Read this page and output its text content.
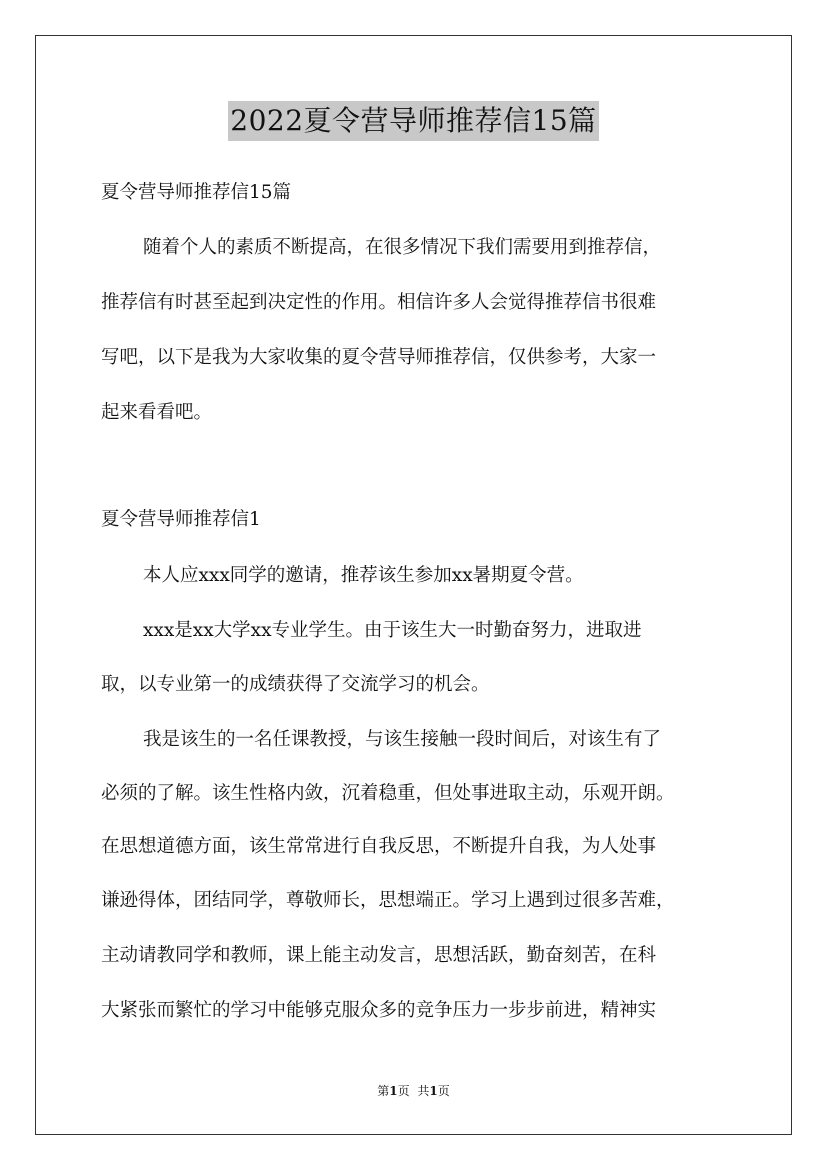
2022夏令营导师推荐信15篇
夏令营导师推荐信15篇
随着个人的素质不断提高，在很多情况下我们需要用到推荐信，
推荐信有时甚至起到决定性的作用。相信许多人会觉得推荐信书很难
写吧，以下是我为大家收集的夏令营导师推荐信，仅供参考，大家一
起来看看吧。
夏令营导师推荐信1
本人应xxx同学的邀请，推荐该生参加xx暑期夏令营。
xxx是xx大学xx专业学生。由于该生大一时勤奋努力，进取进
取，以专业第一的成绩获得了交流学习的机会。
我是该生的一名任课教授，与该生接触一段时间后，对该生有了
必须的了解。该生性格内敛，沉着稳重，但处事进取主动，乐观开朗。
在思想道德方面，该生常常进行自我反思，不断提升自我，为人处事
谦逊得体，团结同学，尊敬师长，思想端正。学习上遇到过很多苦难，
主动请教同学和教师，课上能主动发言，思想活跃，勤奋刻苦，在科
大紧张而繁忙的学习中能够克服众多的竞争压力一步步前进，精神实
第1页 共1页
